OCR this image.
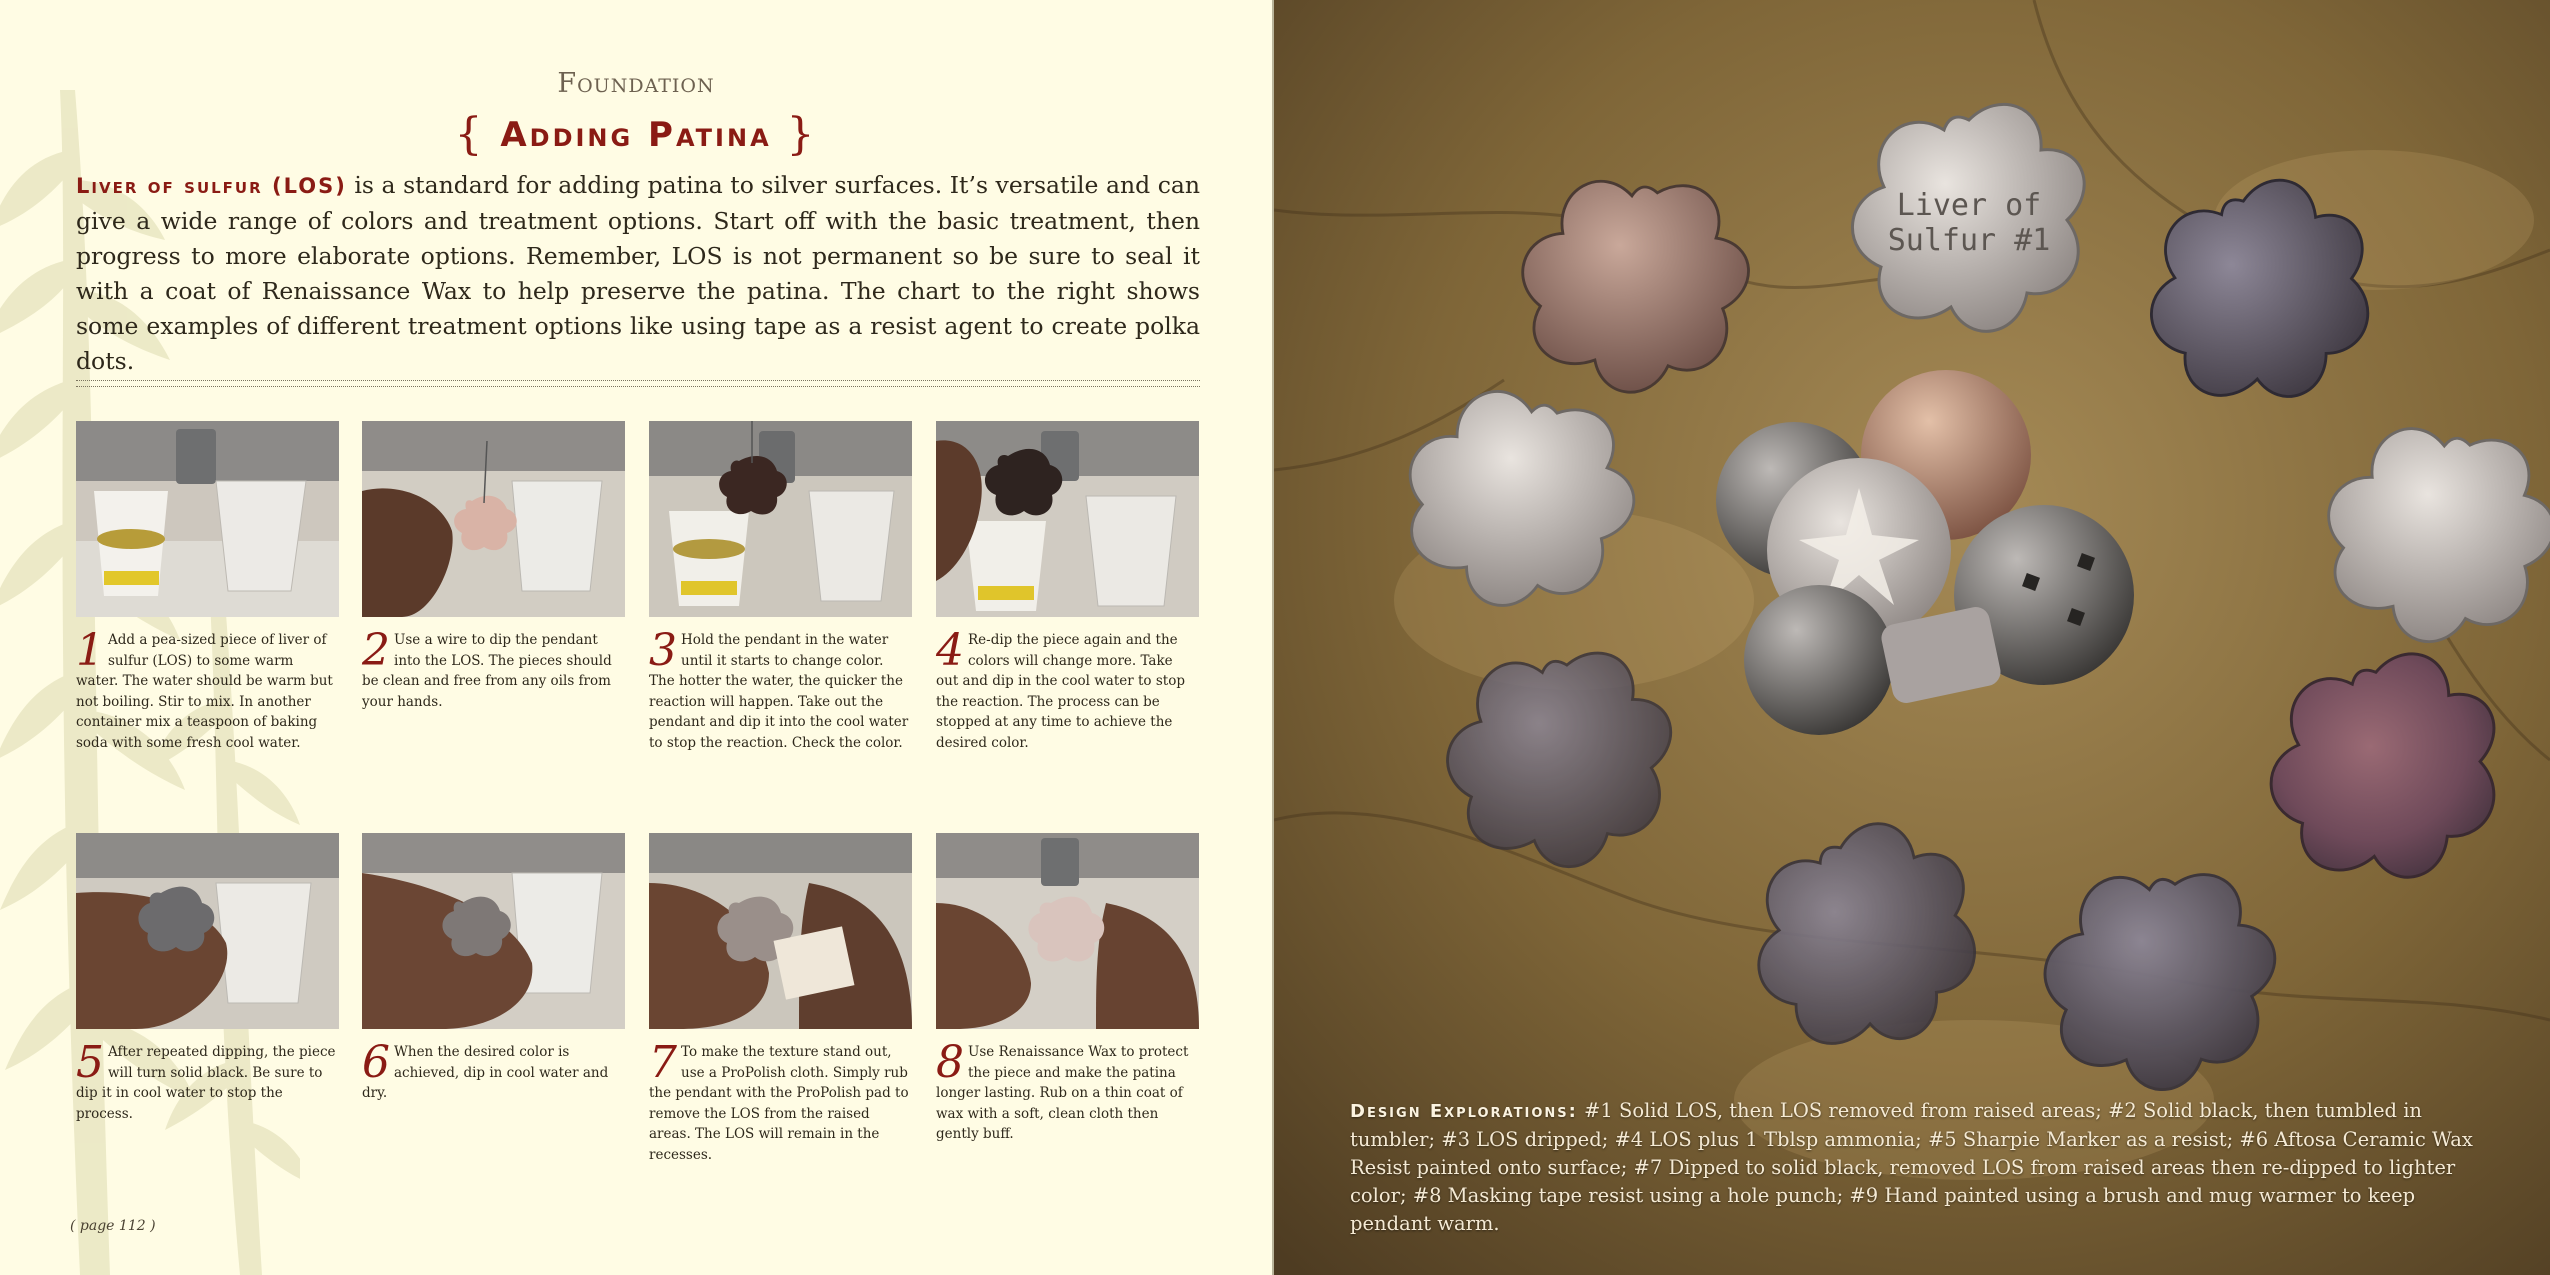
Foundation
{ Adding Patina }
Liver of sulfur (LOS) is a standard for adding patina to silver surfaces. It’s versatile and can give a wide range of colors and treatment options. Start off with the basic treatment, then progress to more elaborate options. Remember, LOS is not permanent so be sure to seal it with a coat of Renaissance Wax to help preserve the patina. The chart to the right shows some examples of different treatment options like using tape as a resist agent to create polka dots.
1 Add a pea-sized piece of liver of sulfur (LOS) to some warm water. The water should be warm but not boiling. Stir to mix. In another container mix a teaspoon of baking soda with some fresh cool water.
2 Use a wire to dip the pendant into the LOS. The pieces should be clean and free from any oils from your hands.
3 Hold the pendant in the water until it starts to change color. The hotter the water, the quicker the reaction will happen. Take out the pendant and dip it into the cool water to stop the reaction. Check the color.
4 Re-dip the piece again and the colors will change more. Take out and dip in the cool water to stop the reaction. The process can be stopped at any time to achieve the desired color.
5 After repeated dipping, the piece will turn solid black. Be sure to dip it in cool water to stop the process.
6 When the desired color is achieved, dip in cool water and dry.
7 To make the texture stand out, use a ProPolish cloth. Simply rub the pendant with the ProPolish pad to remove the LOS from the raised areas. The LOS will remain in the recesses.
8 Use Renaissance Wax to protect the piece and make the patina longer lasting. Rub on a thin coat of wax with a soft, clean cloth then gently buff.
( page 112 )
Liver of
Sulfur #1
Design Explorations: #1 Solid LOS, then LOS removed from raised areas; #2 Solid black, then tumbled in tumbler; #3 LOS dripped; #4 LOS plus 1 Tblsp ammonia; #5 Sharpie Marker as a resist; #6 Aftosa Ceramic Wax Resist painted onto surface; #7 Dipped to solid black, removed LOS from raised areas then re-dipped to lighter color; #8 Masking tape resist using a hole punch; #9 Hand painted using a brush and mug warmer to keep pendant warm.
